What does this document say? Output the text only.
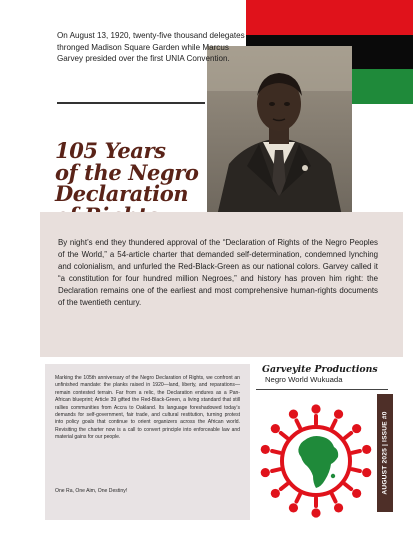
On August 13, 1920, twenty-five thousand delegates thronged Madison Square Garden while Marcus Garvey presided over the first UNIA Convention.
105 Years
of the Negro
Declaration
By night’s end they thundered approval of the “Declaration of Rights of the Negro Peoples of the World,” a 54-article charter that demanded self-determination, condemned lynching and colonialism, and unfurled the Red-Black-Green as our national colors. Garvey called it “a constitution for four hundred million Negroes,” and history has proven him right: the Declaration remains one of the earliest and most comprehensive human-rights documents of the twentieth century.
Marking the 105th anniversary of the Negro Declaration of Rights, we confront an unfinished mandate: the planks raised in 1920—land, liberty, and reparations—remain contested terrain. Far from a relic, the Declaration endures as a Pan-African blueprint; Article 39 gifted the Red-Black-Green, a living standard that still rallies communities from Accra to Oakland. Its language foreshadowed today’s demands for self-government, fair trade, and cultural restitution, turning protest into policy goals that continue to orient organizers across the African world. Revisiting the charter now is a call to convert principle into enforceable law and material gains for our people.
One Ra, One Aim, One Destiny!
Garveyite Productions
Negro World Wukuada
AUGUST 2025 | ISSUE #0
